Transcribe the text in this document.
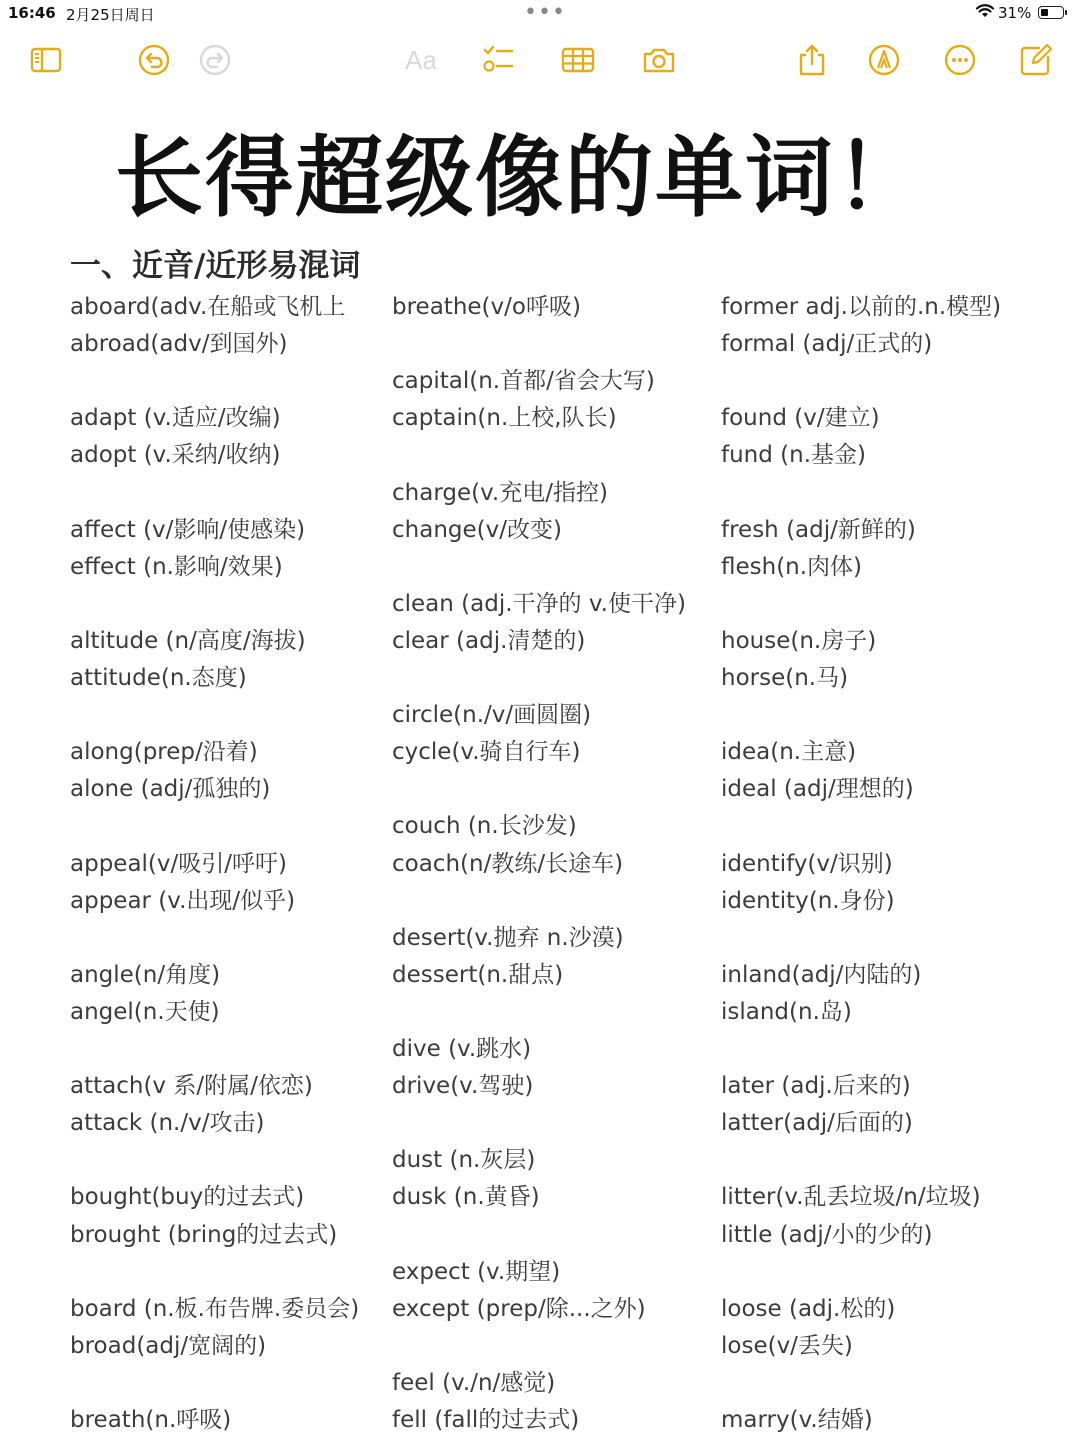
16:46 2月25日周日	•••	31%
Aa
长得超级像的单词！
一、近音/近形易混词
aboard(adv.在船或飞机上
abroad(adv/到国外)
adapt (v.适应/改编)
adopt (v.采纳/收纳)
affect (v/影响/使感染)
effect (n.影响/效果)
altitude (n/高度/海拔)
attitude(n.态度)
along(prep/沿着)
alone (adj/孤独的)
appeal(v/吸引/呼吁)
appear (v.出现/似乎)
angle(n/角度)
angel(n.天使)
attach(v 系/附属/依恋)
attack (n./v/攻击)
bought(buy的过去式)
brought (bring的过去式)
board (n.板.布告牌.委员会)
broad(adj/宽阔的)
breath(n.呼吸)
breathe(v/o呼吸)
capital(n.首都/省会大写)
captain(n.上校,队长)
charge(v.充电/指控)
change(v/改变)
clean (adj.干净的 v.使干净)
clear (adj.清楚的)
circle(n./v/画圆圈)
cycle(v.骑自行车)
couch (n.长沙发)
coach(n/教练/长途车)
desert(v.抛弃 n.沙漠)
dessert(n.甜点)
dive (v.跳水)
drive(v.驾驶)
dust (n.灰层)
dusk (n.黄昏)
expect (v.期望)
except (prep/除...之外)
feel (v./n/感觉)
fell (fall的过去式)
former adj.以前的.n.模型)
formal (adj/正式的)
found (v/建立)
fund (n.基金)
fresh (adj/新鲜的)
flesh(n.肉体)
house(n.房子)
horse(n.马)
idea(n.主意)
ideal (adj/理想的)
identify(v/识别)
identity(n.身份)
inland(adj/内陆的)
island(n.岛)
later (adj.后来的)
latter(adj/后面的)
litter(v.乱丢垃圾/n/垃圾)
little (adj/小的少的)
loose (adj.松的)
lose(v/丢失)
marry(v.结婚)
